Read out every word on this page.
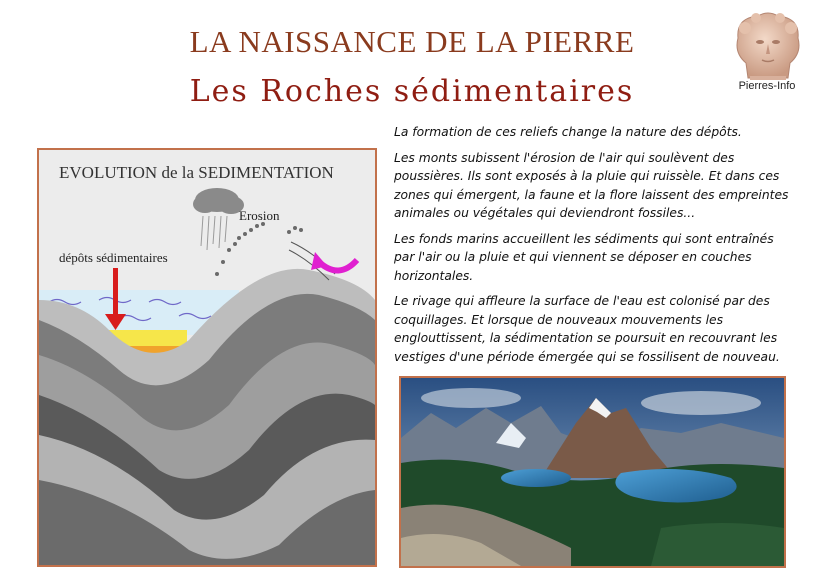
LA NAISSANCE DE LA PIERRE
Les Roches sédimentaires	Pierres-Info
EVOLUTION de la SEDIMENTATION
dépôts sédimentaires
Erosion

La formation de ces reliefs change la nature des dépôts.

Les monts subissent l'érosion de l'air qui soulèvent des poussières. Ils sont exposés à la pluie qui ruissèle. Et dans ces zones qui émergent, la faune et la flore laissent des empreintes animales ou végétales qui deviendront fossiles...

Les fonds marins accueillent les sédiments qui sont entraînés par l'air ou la pluie et qui viennent se déposer en couches horizontales.

Le rivage qui affleure la surface de l'eau est colonisé par des coquillages. Et lorsque de nouveaux mouvements les englouttissent, la sédimentation se poursuit en recouvrant les vestiges d'une période émergée qui se fossilisent de nouveau.
